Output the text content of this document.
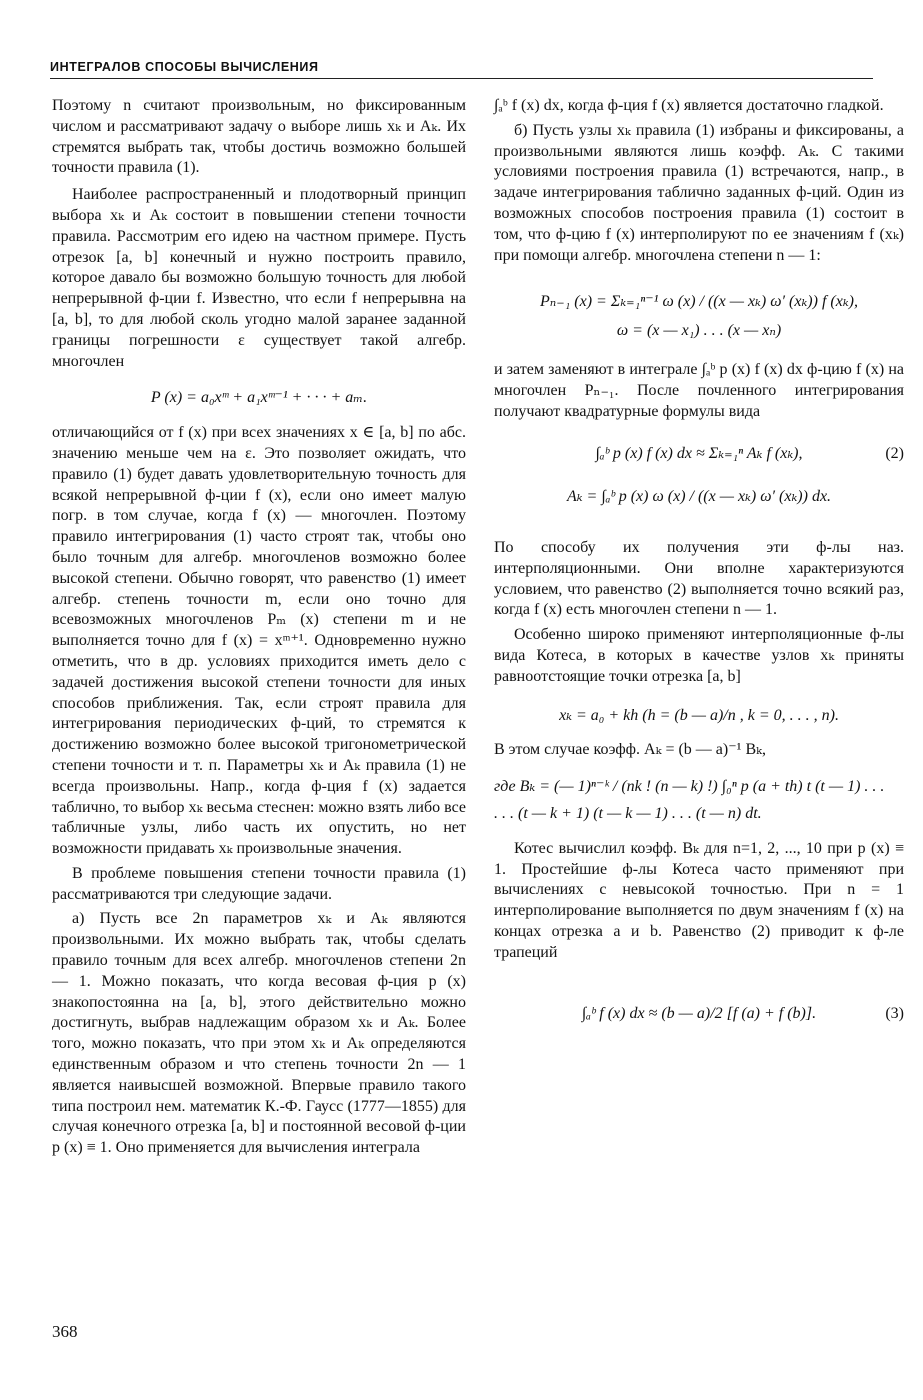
ИНТЕГРАЛОВ СПОСОБЫ ВЫЧИСЛЕНИЯ

Поэтому n считают произвольным, но фиксированным числом и рассматривают задачу о выборе лишь xₖ и Aₖ. Их стремятся выбрать так, чтобы достичь возможно большей точности правила (1).

Наиболее распространенный и плодотворный принцип выбора xₖ и Aₖ состоит в повышении степени точности правила. Рассмотрим его идею на частном примере. Пусть отрезок [a, b] конечный и нужно построить правило, которое давало бы возможно большую точность для любой непрерывной ф-ции f. Известно, что если f непрерывна на [a, b], то для любой сколь угодно малой заранее заданной границы погрешности ε существует такой алгебр. многочлен

P (x) = a₀xᵐ + a₁xᵐ⁻¹ + · · · + aₘ.

отличающийся от f (x) при всех значениях x ∈ [a, b] по абс. значению меньше чем на ε. Это позволяет ожидать, что правило (1) будет давать удовлетворительную точность для всякой непрерывной ф-ции f (x), если оно имеет малую погр. в том случае, когда f (x) — многочлен. Поэтому правило интегрирования (1) часто строят так, чтобы оно было точным для алгебр. многочленов возможно более высокой степени. Обычно говорят, что равенство (1) имеет алгебр. степень точности m, если оно точно для всевозможных многочленов Pₘ (x) степени m и не выполняется точно для f (x) = xᵐ⁺¹. Одновременно нужно отметить, что в др. условиях приходится иметь дело с задачей достижения высокой степени точности для иных способов приближения. Так, если строят правила для интегрирования периодических ф-ций, то стремятся к достижению возможно более высокой тригонометрической степени точности и т. п. Параметры xₖ и Aₖ правила (1) не всегда произвольны. Напр., когда ф-ция f (x) задается таблично, то выбор xₖ весьма стеснен: можно взять либо все табличные узлы, либо часть их опустить, но нет возможности придавать xₖ произвольные значения.

В проблеме повышения степени точности правила (1) рассматриваются три следующие задачи.

а) Пусть все 2n параметров xₖ и Aₖ являются произвольными. Их можно выбрать так, чтобы сделать правило точным для всех алгебр. многочленов степени 2n — 1. Можно показать, что когда весовая ф-ция p (x) знакопостоянна на [a, b], этого действительно можно достигнуть, выбрав надлежащим образом xₖ и Aₖ. Более того, можно показать, что при этом xₖ и Aₖ определяются единственным образом и что степень точности 2n — 1 является наивысшей возможной. Впервые правило такого типа построил нем. математик К.-Ф. Гаусс (1777—1855) для случая конечного отрезка [a, b] и постоянной весовой ф-ции p (x) ≡ 1. Оно применяется для вычисления интеграла

∫ₐᵇ f (x) dx, когда ф-ция f (x) является достаточно гладкой.

б) Пусть узлы xₖ правила (1) избраны и фиксированы, а произвольными являются лишь коэфф. Aₖ. С такими условиями построения правила (1) встречаются, напр., в задаче интегрирования таблично заданных ф-ций. Один из возможных способов построения правила (1) состоит в том, что ф-цию f (x) интерполируют по ее значениям f (xₖ) при помощи алгебр. многочлена степени n — 1:

Pₙ₋₁ (x) = Σₖ₌₁ⁿ⁻¹ ω (x) / ((x — xₖ) ω′ (xₖ)) f (xₖ),
ω = (x — x₁) . . . (x — xₙ)

и затем заменяют в интеграле ∫ₐᵇ p (x) f (x) dx ф-цию f (x) на многочлен Pₙ₋₁. После почленного интегрирования получают квадратурные формулы вида

∫ₐᵇ p (x) f (x) dx ≈ Σₖ₌₁ⁿ Aₖ f (xₖ),	(2)
Aₖ = ∫ₐᵇ p (x) ω (x) / ((x — xₖ) ω′ (xₖ)) dx.

По способу их получения эти ф-лы наз. интерполяционными. Они вполне характеризуются условием, что равенство (2) выполняется точно всякий раз, когда f (x) есть многочлен степени n — 1.

Особенно широко применяют интерполяционные ф-лы вида Котеса, в которых в качестве узлов xₖ приняты равноотстоящие точки отрезка [a, b]

xₖ = a₀ + kh (h = (b — a)/n , k = 0, . . . , n).

В этом случае коэфф. Aₖ = (b — a)⁻¹ Bₖ,

где Bₖ = (— 1)ⁿ⁻ᵏ / (nk ! (n — k) !) ∫₀ⁿ p (a + th) t (t — 1) . . .
. . . (t — k + 1) (t — k — 1) . . . (t — n) dt.

Котес вычислил коэфф. Bₖ для n=1, 2, ..., 10 при p (x) ≡ 1. Простейшие ф-лы Котеса часто применяют при вычислениях с невысокой точностью. При n = 1 интерполирование выполняется по двум значениям f (x) на концах отрезка a и b. Равенство (2) приводит к ф-ле трапеций

∫ₐᵇ f (x) dx ≈ (b — a)/2 [f (a) + f (b)].	(3)
368
